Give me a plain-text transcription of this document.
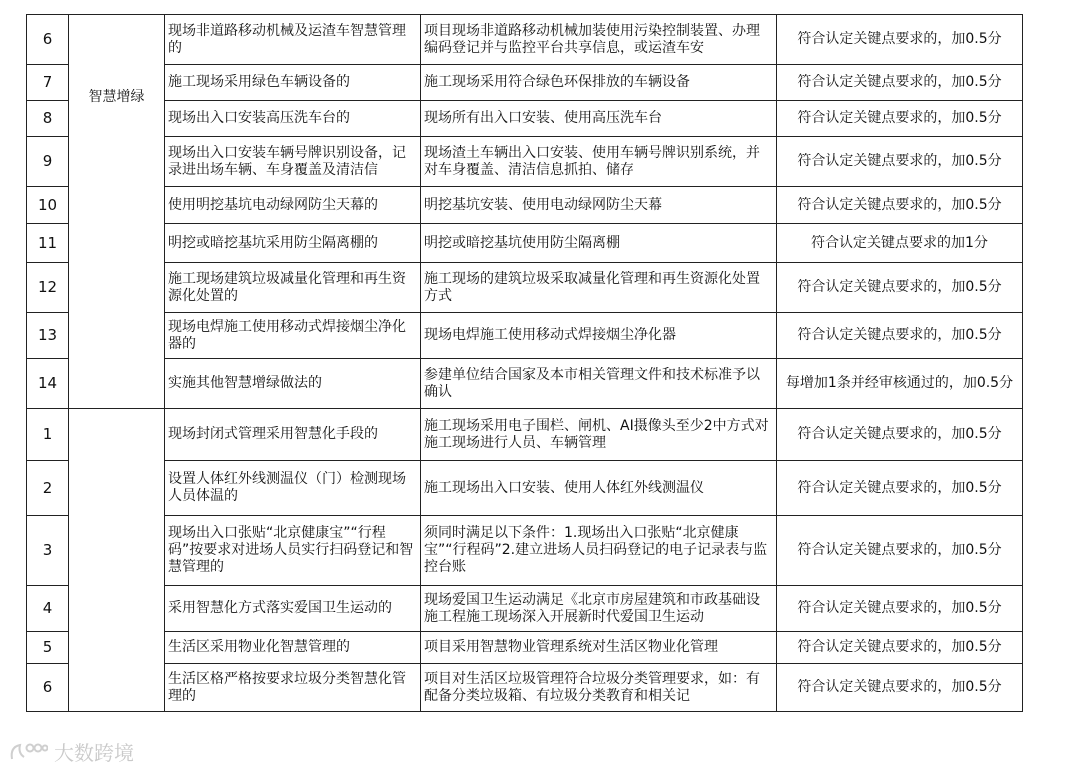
6	智慧增绿	现场非道路移动机械及运渣车智慧管理的	项目现场非道路移动机械加装使用污染控制装置、办理编码登记并与监控平台共享信息，或运渣车安	符合认定关键点要求的，加0.5分

7		施工现场采用绿色车辆设备的	施工现场采用符合绿色环保排放的车辆设备	符合认定关键点要求的，加0.5分

8		现场出入口安装高压洗车台的	现场所有出入口安装、使用高压洗车台	符合认定关键点要求的，加0.5分

9		现场出入口安装车辆号牌识别设备，记录进出场车辆、车身覆盖及清洁信	现场渣土车辆出入口安装、使用车辆号牌识别系统，并对车身覆盖、清洁信息抓拍、储存	符合认定关键点要求的，加0.5分

10		使用明挖基坑电动绿网防尘天幕的	明挖基坑安装、使用电动绿网防尘天幕	符合认定关键点要求的，加0.5分

11		明挖或暗挖基坑采用防尘隔离棚的	明挖或暗挖基坑使用防尘隔离棚	符合认定关键点要求的加1分

12		施工现场建筑垃圾减量化管理和再生资源化处置的	施工现场的建筑垃圾采取减量化管理和再生资源化处置方式	符合认定关键点要求的，加0.5分

13		现场电焊施工使用移动式焊接烟尘净化器的	现场电焊施工使用移动式焊接烟尘净化器	符合认定关键点要求的，加0.5分

14		实施其他智慧增绿做法的	参建单位结合国家及本市相关管理文件和技术标准予以确认	每增加1条并经审核通过的，加0.5分

1		现场封闭式管理采用智慧化手段的	施工现场采用电子围栏、闸机、AI摄像头至少2中方式对施工现场进行人员、车辆管理	符合认定关键点要求的，加0.5分

2		设置人体红外线测温仪（门）检测现场人员体温的	施工现场出入口安装、使用人体红外线测温仪	符合认定关键点要求的，加0.5分

3		现场出入口张贴“北京健康宝”“行程码”按要求对进场人员实行扫码登记和智慧管理的	须同时满足以下条件：1.现场出入口张贴“北京健康宝”“行程码”2.建立进场人员扫码登记的电子记录表与监控台账	符合认定关键点要求的，加0.5分

4		采用智慧化方式落实爱国卫生运动的	现场爱国卫生运动满足《北京市房屋建筑和市政基础设施工程施工现场深入开展新时代爱国卫生运动	符合认定关键点要求的，加0.5分

5		生活区采用物业化智慧管理的	项目采用智慧物业管理系统对生活区物业化管理	符合认定关键点要求的，加0.5分

6		生活区格严格按要求垃圾分类智慧化管理的	项目对生活区垃圾管理符合垃圾分类管理要求，如：有配备分类垃圾箱、有垃圾分类教育和相关记	符合认定关键点要求的，加0.5分
大数跨境
